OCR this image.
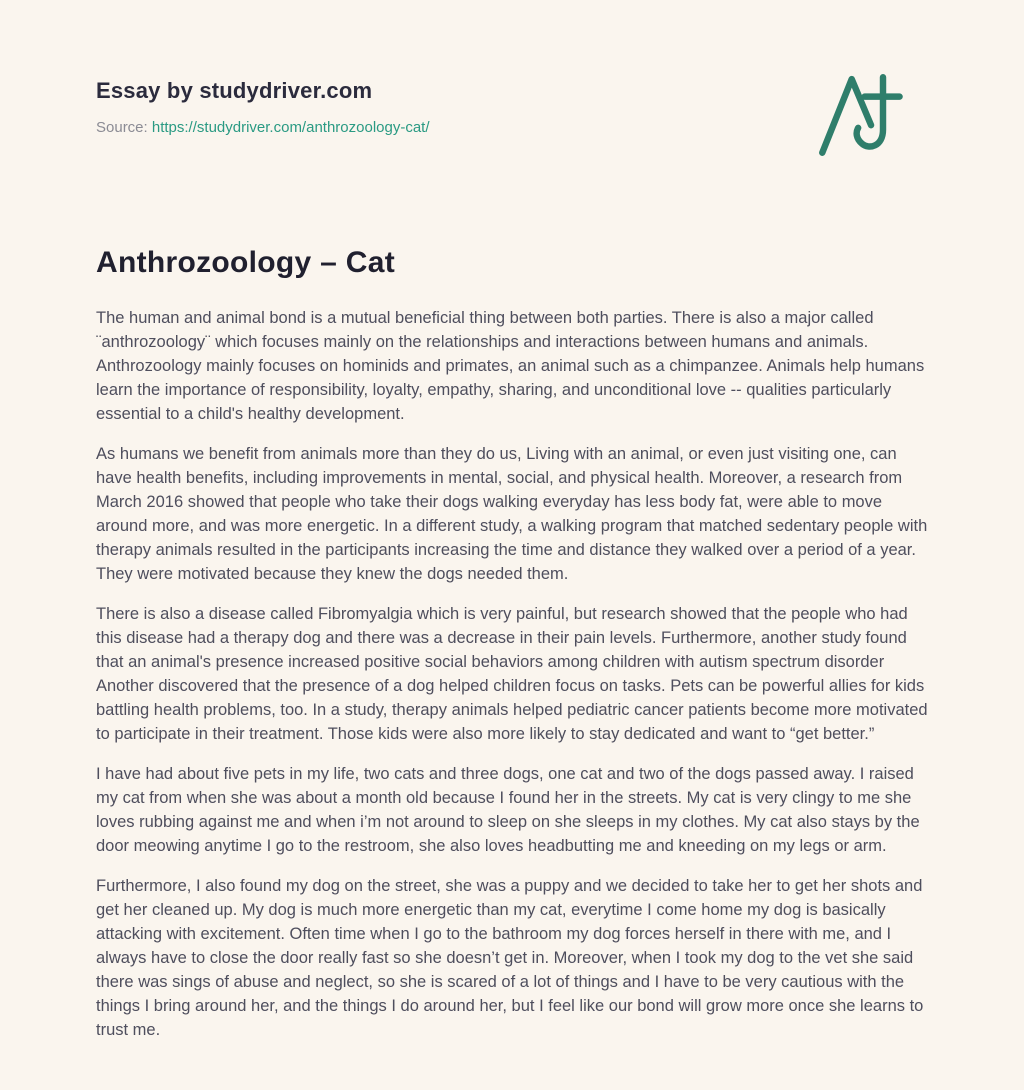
Essay by studydriver.com
Source: https://studydriver.com/anthrozoology-cat/
Anthrozoology – Cat

The human and animal bond is a mutual beneficial thing between both parties. There is also a major called ¨anthrozoology¨ which focuses mainly on the relationships and interactions between humans and animals. Anthrozoology mainly focuses on hominids and primates, an animal such as a chimpanzee. Animals help humans learn the importance of responsibility, loyalty, empathy, sharing, and unconditional love -- qualities particularly essential to a child's healthy development.

As humans we benefit from animals more than they do us, Living with an animal, or even just visiting one, can have health benefits, including improvements in mental, social, and physical health. Moreover, a research from March 2016 showed that people who take their dogs walking everyday has less body fat, were able to move around more, and was more energetic. In a different study, a walking program that matched sedentary people with therapy animals resulted in the participants increasing the time and distance they walked over a period of a year. They were motivated because they knew the dogs needed them.

There is also a disease called Fibromyalgia which is very painful, but research showed that the people who had this disease had a therapy dog and there was a decrease in their pain levels. Furthermore, another study found that an animal's presence increased positive social behaviors among children with autism spectrum disorder Another discovered that the presence of a dog helped children focus on tasks. Pets can be powerful allies for kids battling health problems, too. In a study, therapy animals helped pediatric cancer patients become more motivated to participate in their treatment. Those kids were also more likely to stay dedicated and want to “get better.”

I have had about five pets in my life, two cats and three dogs, one cat and two of the dogs passed away. I raised my cat from when she was about a month old because I found her in the streets. My cat is very clingy to me she loves rubbing against me and when i’m not around to sleep on she sleeps in my clothes. My cat also stays by the door meowing anytime I go to the restroom, she also loves headbutting me and kneeding on my legs or arm.

Furthermore, I also found my dog on the street, she was a puppy and we decided to take her to get her shots and get her cleaned up. My dog is much more energetic than my cat, everytime I come home my dog is basically attacking with excitement. Often time when I go to the bathroom my dog forces herself in there with me, and I always have to close the door really fast so she doesn’t get in. Moreover, when I took my dog to the vet she said there was sings of abuse and neglect, so she is scared of a lot of things and I have to be very cautious with the things I bring around her, and the things I do around her, but I feel like our bond will grow more once she learns to trust me.
